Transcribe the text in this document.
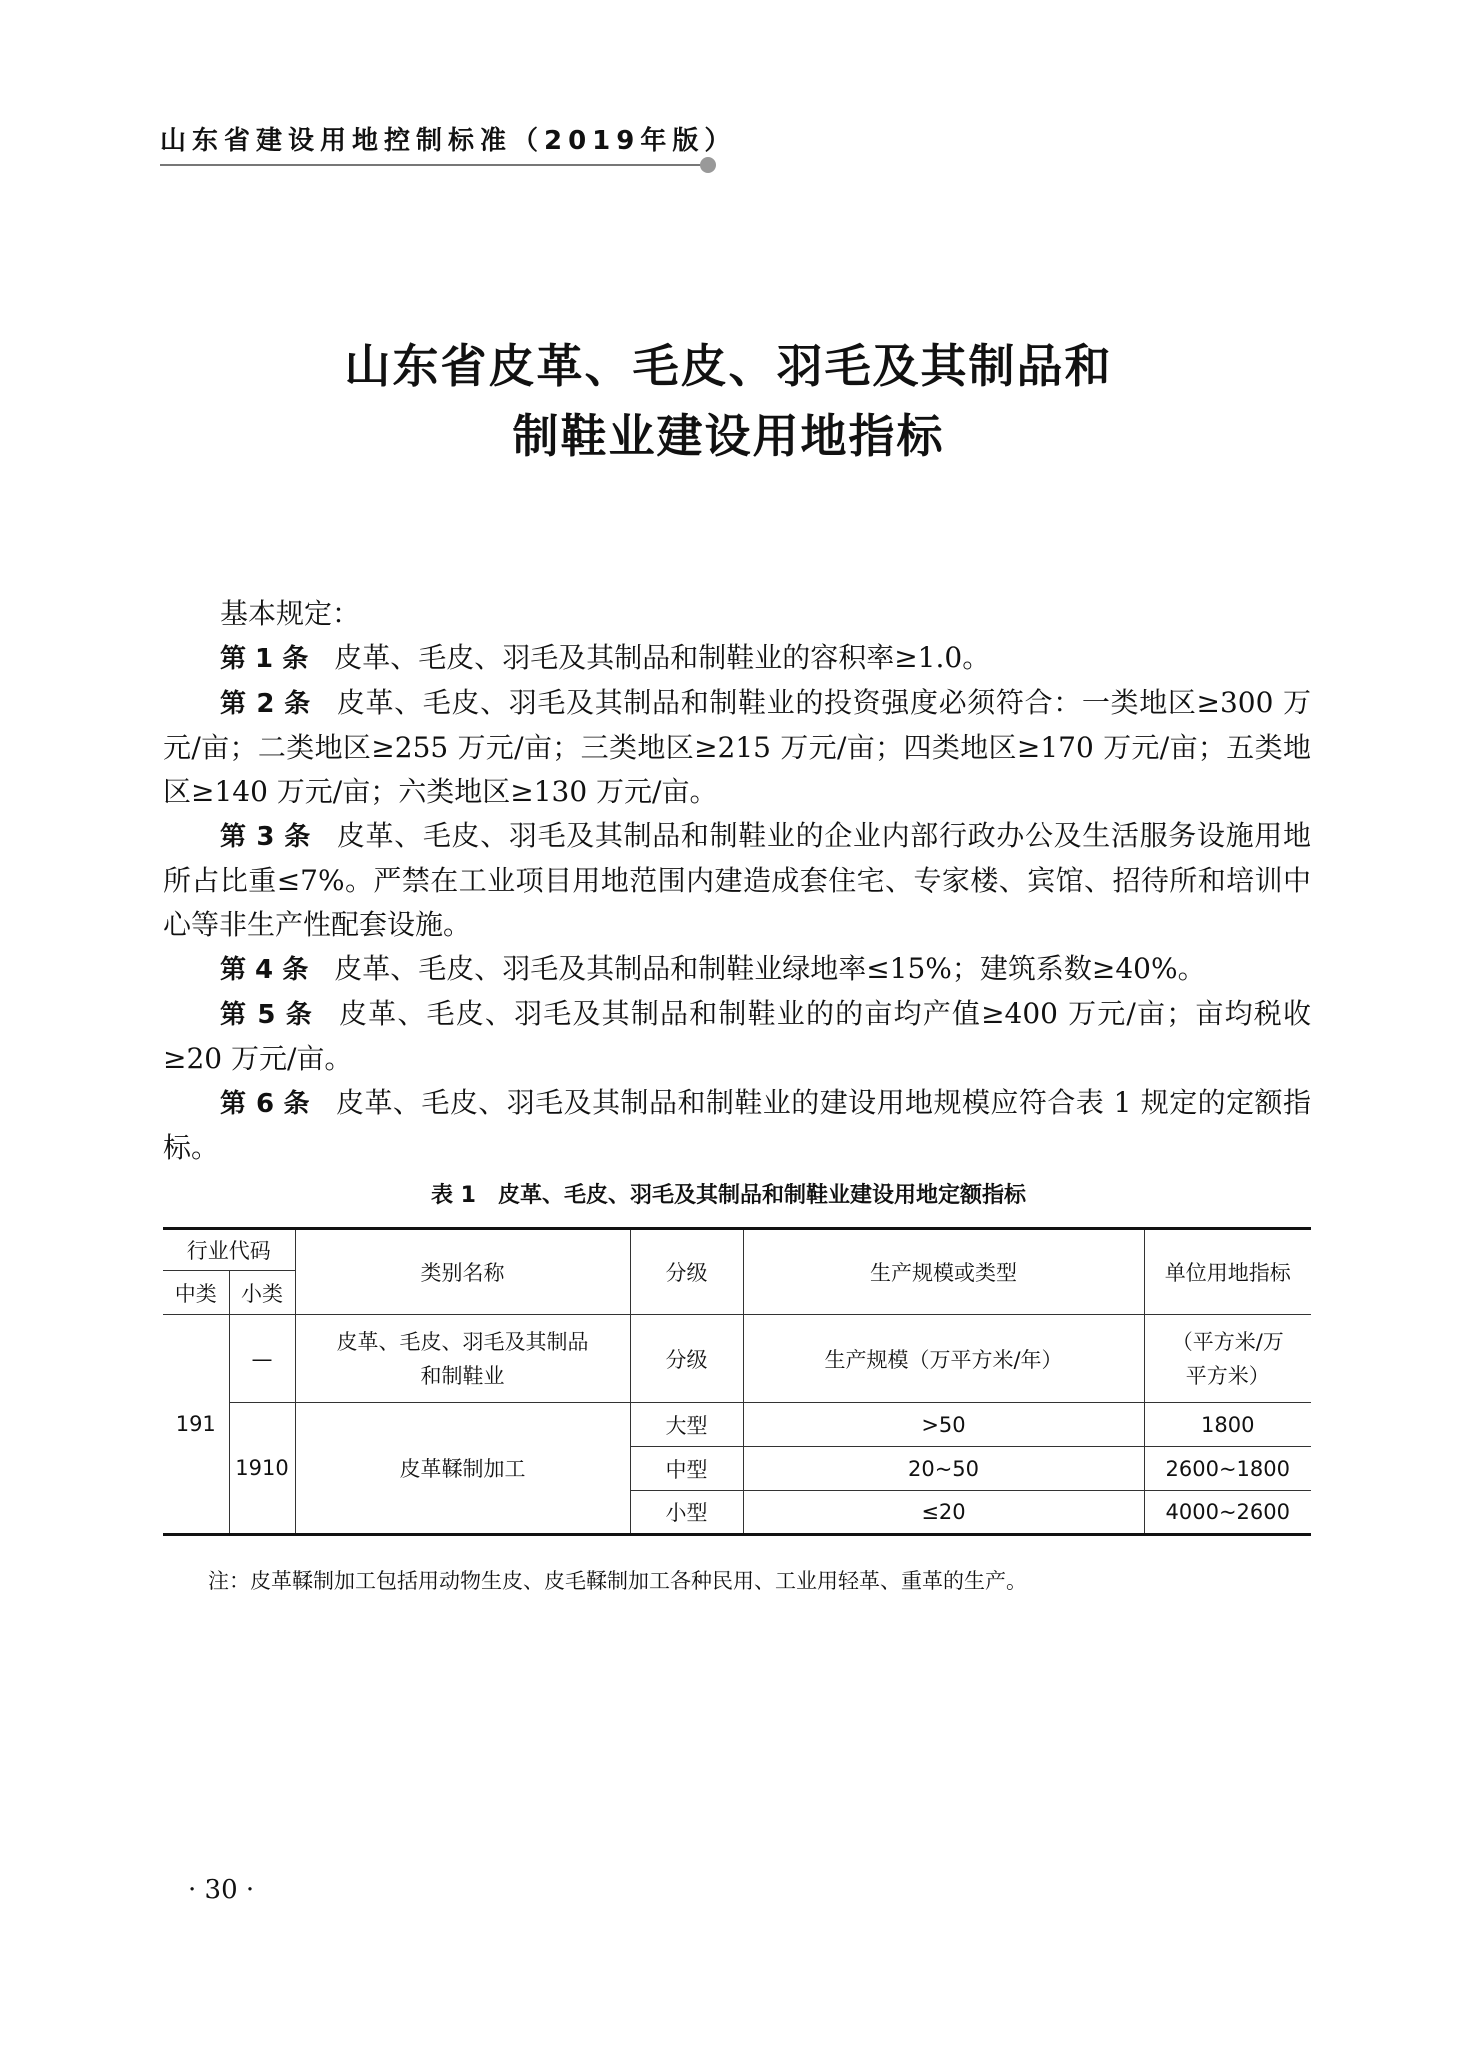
山东省建设用地控制标准（2019年版）
山东省皮革、毛皮、羽毛及其制品和
制鞋业建设用地指标

基本规定：

第 1 条 皮革、毛皮、羽毛及其制品和制鞋业的容积率≥1.0。

第 2 条 皮革、毛皮、羽毛及其制品和制鞋业的投资强度必须符合：一类地区≥300 万元/亩；二类地区≥255 万元/亩；三类地区≥215 万元/亩；四类地区≥170 万元/亩；五类地区≥140 万元/亩；六类地区≥130 万元/亩。

第 3 条 皮革、毛皮、羽毛及其制品和制鞋业的企业内部行政办公及生活服务设施用地所占比重≤7%。严禁在工业项目用地范围内建造成套住宅、专家楼、宾馆、招待所和培训中心等非生产性配套设施。

第 4 条 皮革、毛皮、羽毛及其制品和制鞋业绿地率≤15%；建筑系数≥40%。

第 5 条 皮革、毛皮、羽毛及其制品和制鞋业的的亩均产值≥400 万元/亩；亩均税收≥20 万元/亩。

第 6 条 皮革、毛皮、羽毛及其制品和制鞋业的建设用地规模应符合表 1 规定的定额指标。

表 1　皮革、毛皮、羽毛及其制品和制鞋业建设用地定额指标
行业代码		类别名称	分级	生产规模或类型	单位用地指标
中类	小类				
191	—	皮革、毛皮、羽毛及其制品和制鞋业	分级	生产规模（万平方米/年）	（平方米/万平方米）
	1910	皮革鞣制加工	大型	>50	1800
			中型	20~50	2600~1800
			小型	≤20	4000~2600
注：皮革鞣制加工包括用动物生皮、皮毛鞣制加工各种民用、工业用轻革、重革的生产。
· 30 ·
